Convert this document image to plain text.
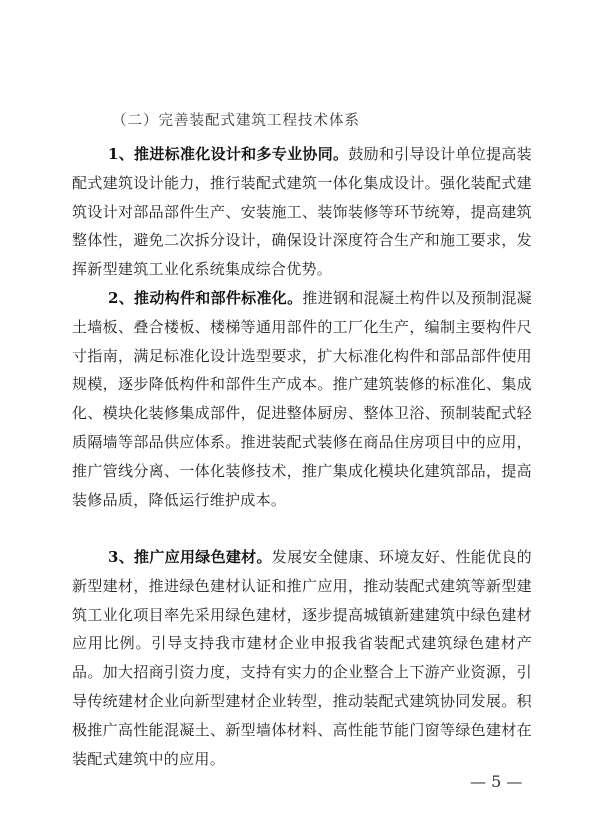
（二）完善装配式建筑工程技术体系

1、推进标准化设计和多专业协同。鼓励和引导设计单位提高装配式建筑设计能力，推行装配式建筑一体化集成设计。强化装配式建筑设计对部品部件生产、安装施工、装饰装修等环节统筹，提高建筑整体性，避免二次拆分设计，确保设计深度符合生产和施工要求，发挥新型建筑工业化系统集成综合优势。

2、推动构件和部件标准化。推进钢和混凝土构件以及预制混凝土墙板、叠合楼板、楼梯等通用部件的工厂化生产，编制主要构件尺寸指南，满足标准化设计选型要求，扩大标准化构件和部品部件使用规模，逐步降低构件和部件生产成本。推广建筑装修的标准化、集成化、模块化装修集成部件，促进整体厨房、整体卫浴、预制装配式轻质隔墙等部品供应体系。推进装配式装修在商品住房项目中的应用，推广管线分离、一体化装修技术，推广集成化模块化建筑部品，提高装修品质，降低运行维护成本。

3、推广应用绿色建材。发展安全健康、环境友好、性能优良的新型建材，推进绿色建材认证和推广应用，推动装配式建筑等新型建筑工业化项目率先采用绿色建材，逐步提高城镇新建建筑中绿色建材应用比例。引导支持我市建材企业申报我省装配式建筑绿色建材产品。加大招商引资力度，支持有实力的企业整合上下游产业资源，引导传统建材企业向新型建材企业转型，推动装配式建筑协同发展。积极推广高性能混凝土、新型墙体材料、高性能节能门窗等绿色建材在装配式建筑中的应用。

— 5 —
